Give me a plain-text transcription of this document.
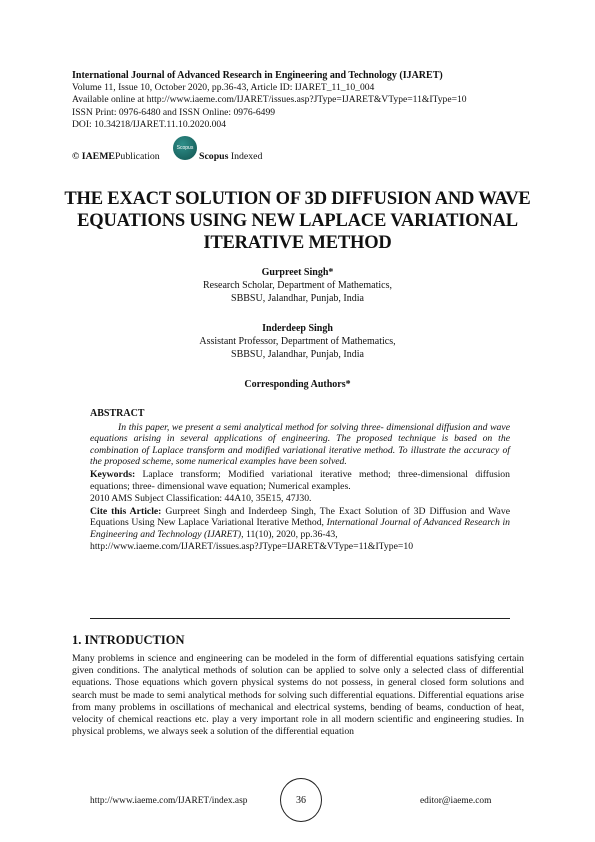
International Journal of Advanced Research in Engineering and Technology (IJARET)
Volume 11, Issue 10, October 2020, pp.36-43, Article ID: IJARET_11_10_004
Available online at http://www.iaeme.com/IJARET/issues.asp?JType=IJARET&VType=11&IType=10
ISSN Print: 0976-6480 and ISSN Online: 0976-6499
DOI: 10.34218/IJARET.11.10.2020.004
© IAEME Publication
Scopus
Scopus Indexed
THE EXACT SOLUTION OF 3D DIFFUSION AND WAVE EQUATIONS USING NEW LAPLACE VARIATIONAL ITERATIVE METHOD
Gurpreet Singh*
Research Scholar, Department of Mathematics,
SBBSU, Jalandhar, Punjab, India
Inderdeep Singh
Assistant Professor, Department of Mathematics,
SBBSU, Jalandhar, Punjab, India
Corresponding Authors*
ABSTRACT
In this paper, we present a semi analytical method for solving three- dimensional diffusion and wave equations arising in several applications of engineering. The proposed technique is based on the combination of Laplace transform and modified variational iterative method. To illustrate the accuracy of the proposed scheme, some numerical examples have been solved.
Keywords: Laplace transform; Modified variational iterative method; three-dimensional diffusion equations; three- dimensional wave equation; Numerical examples.
2010 AMS Subject Classification: 44A10, 35E15, 47J30.
Cite this Article: Gurpreet Singh and Inderdeep Singh, The Exact Solution of 3D Diffusion and Wave Equations Using New Laplace Variational Iterative Method, International Journal of Advanced Research in Engineering and Technology (IJARET), 11(10), 2020, pp.36-43,
http://www.iaeme.com/IJARET/issues.asp?JType=IJARET&VType=11&IType=10
1. INTRODUCTION
Many problems in science and engineering can be modeled in the form of differential equations satisfying certain given conditions. The analytical methods of solution can be applied to solve only a selected class of differential equations. Those equations which govern physical systems do not possess, in general closed form solutions and search must be made to semi analytical methods for solving such differential equations. Differential equations arise from many problems in oscillations of mechanical and electrical systems, bending of beams, conduction of heat, velocity of chemical reactions etc. play a very important role in all modern scientific and engineering studies. In physical problems, we always seek a solution of the differential equation
http://www.iaeme.com/IJARET/index.asp	36	editor@iaeme.com
